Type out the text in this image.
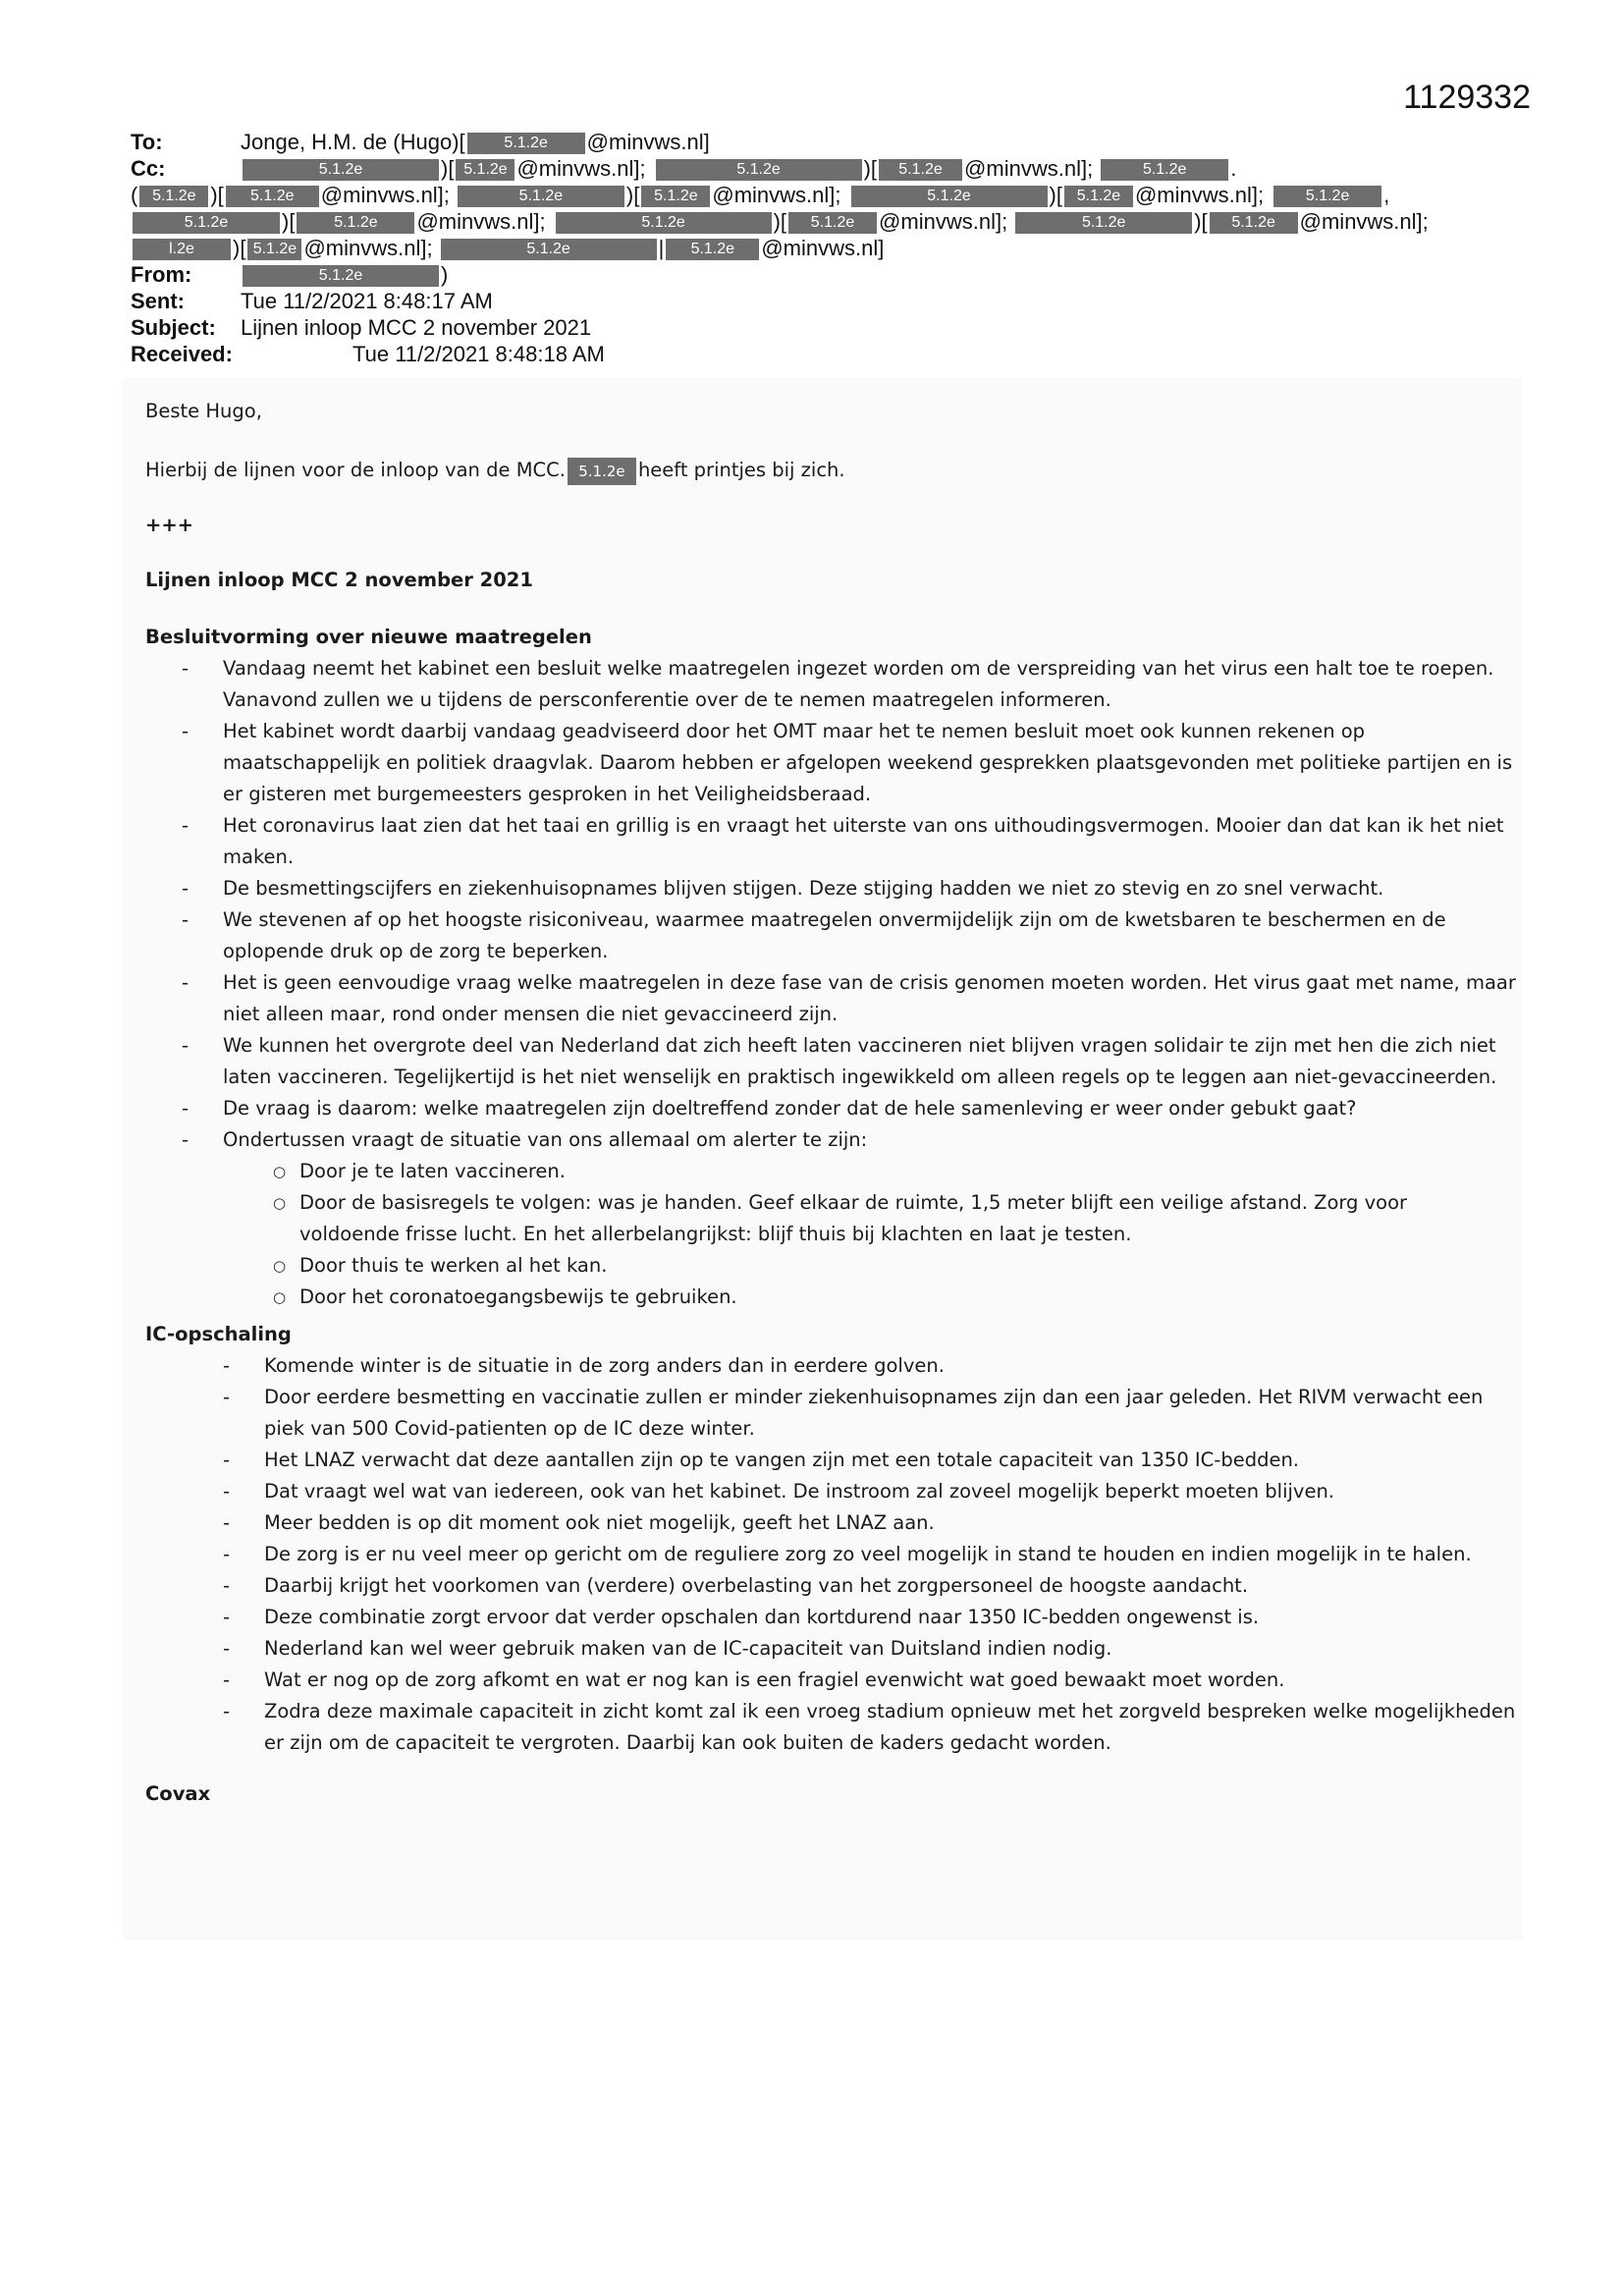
1129332
To:	Jonge, H.M. de (Hugo)[ 5.1.2e @minvws.nl]
Cc:	5.1.2e	)[ 5.1.2e @minvws.nl];	5.1.2e	)[ 5.1.2e @minvws.nl];	5.1.2e .
( 5.1.2e )[ 5.1.2e @minvws.nl];	5.1.2e	)[ 5.1.2e @minvws.nl];	5.1.2e	)[ 5.1.2e @minvws.nl];	5.1.2e ,
5.1.2e )[ 5.1.2e @minvws.nl];	5.1.2e	)[ 5.1.2e @minvws.nl];	5.1.2e	)[ 5.1.2e @minvws.nl];
l.2e )[ 5.1.2e @minvws.nl];	5.1.2e	| 5.1.2e @minvws.nl]
From:	5.1.2e	)
Sent:	Tue 11/2/2021 8:48:17 AM
Subject: Lijnen inloop MCC 2 november 2021
Received:	Tue 11/2/2021 8:48:18 AM

Beste Hugo,

Hierbij de lijnen voor de inloop van de MCC. 5.1.2e heeft printjes bij zich.

+++

Lijnen inloop MCC 2 november 2021

Besluitvorming over nieuwe maatregelen

- Vandaag neemt het kabinet een besluit welke maatregelen ingezet worden om de verspreiding van het virus een halt toe te roepen. Vanavond zullen we u tijdens de persconferentie over de te nemen maatregelen informeren.
- Het kabinet wordt daarbij vandaag geadviseerd door het OMT maar het te nemen besluit moet ook kunnen rekenen op maatschappelijk en politiek draagvlak. Daarom hebben er afgelopen weekend gesprekken plaatsgevonden met politieke partijen en is er gisteren met burgemeesters gesproken in het Veiligheidsberaad.
- Het coronavirus laat zien dat het taai en grillig is en vraagt het uiterste van ons uithoudingsvermogen. Mooier dan dat kan ik het niet maken.
- De besmettingscijfers en ziekenhuisopnames blijven stijgen. Deze stijging hadden we niet zo stevig en zo snel verwacht.
- We stevenen af op het hoogste risiconiveau, waarmee maatregelen onvermijdelijk zijn om de kwetsbaren te beschermen en de oplopende druk op de zorg te beperken.
- Het is geen eenvoudige vraag welke maatregelen in deze fase van de crisis genomen moeten worden. Het virus gaat met name, maar niet alleen maar, rond onder mensen die niet gevaccineerd zijn.
- We kunnen het overgrote deel van Nederland dat zich heeft laten vaccineren niet blijven vragen solidair te zijn met hen die zich niet laten vaccineren. Tegelijkertijd is het niet wenselijk en praktisch ingewikkeld om alleen regels op te leggen aan niet-gevaccineerden.
- De vraag is daarom: welke maatregelen zijn doeltreffend zonder dat de hele samenleving er weer onder gebukt gaat?
- Ondertussen vraagt de situatie van ons allemaal om alerter te zijn:
○ Door je te laten vaccineren.
○ Door de basisregels te volgen: was je handen. Geef elkaar de ruimte, 1,5 meter blijft een veilige afstand. Zorg voor voldoende frisse lucht. En het allerbelangrijkst: blijf thuis bij klachten en laat je testen.
○ Door thuis te werken al het kan.
○ Door het coronatoegangsbewijs te gebruiken.

IC-opschaling

- Komende winter is de situatie in de zorg anders dan in eerdere golven.
- Door eerdere besmetting en vaccinatie zullen er minder ziekenhuisopnames zijn dan een jaar geleden. Het RIVM verwacht een piek van 500 Covid-patienten op de IC deze winter.
- Het LNAZ verwacht dat deze aantallen zijn op te vangen zijn met een totale capaciteit van 1350 IC-bedden.
- Dat vraagt wel wat van iedereen, ook van het kabinet. De instroom zal zoveel mogelijk beperkt moeten blijven.
- Meer bedden is op dit moment ook niet mogelijk, geeft het LNAZ aan.
- De zorg is er nu veel meer op gericht om de reguliere zorg zo veel mogelijk in stand te houden en indien mogelijk in te halen.
- Daarbij krijgt het voorkomen van (verdere) overbelasting van het zorgpersoneel de hoogste aandacht.
- Deze combinatie zorgt ervoor dat verder opschalen dan kortdurend naar 1350 IC-bedden ongewenst is.
- Nederland kan wel weer gebruik maken van de IC-capaciteit van Duitsland indien nodig.
- Wat er nog op de zorg afkomt en wat er nog kan is een fragiel evenwicht wat goed bewaakt moet worden.
- Zodra deze maximale capaciteit in zicht komt zal ik een vroeg stadium opnieuw met het zorgveld bespreken welke mogelijkheden er zijn om de capaciteit te vergroten. Daarbij kan ook buiten de kaders gedacht worden.

Covax
